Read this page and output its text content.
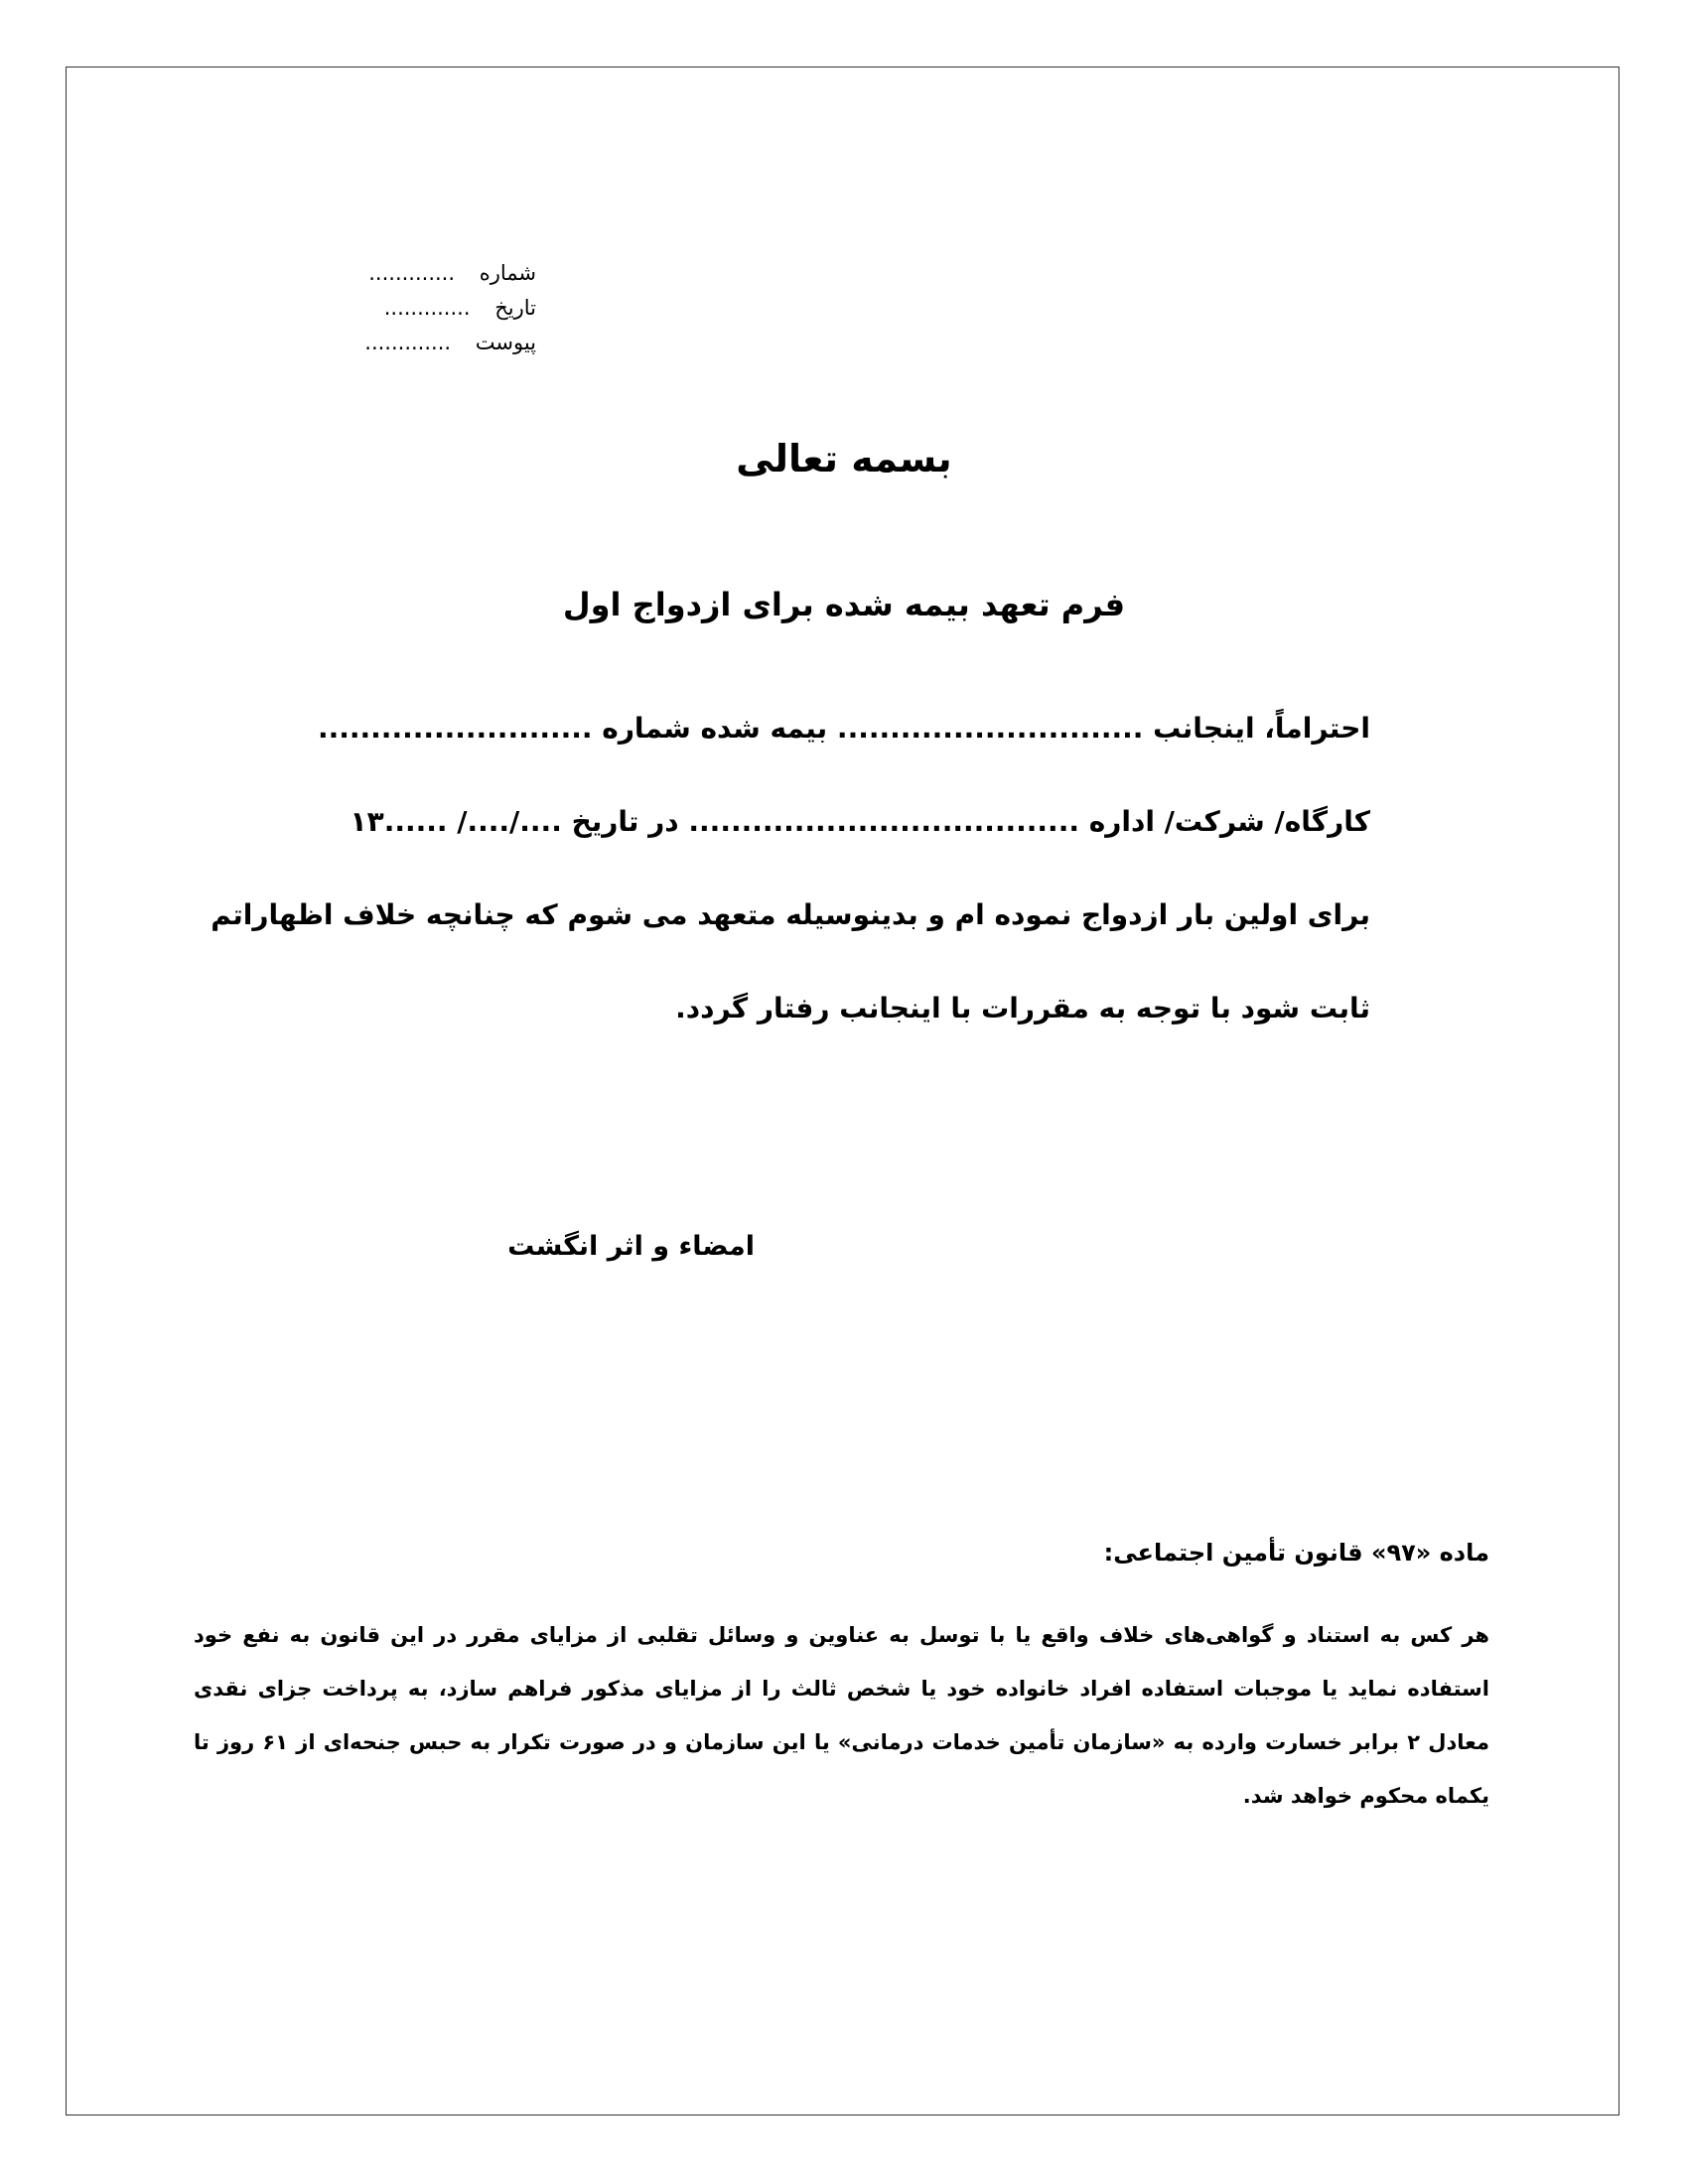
شماره .............
تاريخ .............
پیوست .............
بسمه تعالی
فرم تعهد بیمه شده برای ازدواج اول
احتراماً، اینجانب ............................. بیمه شده شماره ..........................
کارگاه/ شرکت/ اداره ..................................... در تاریخ ..../..../ ......۱۳
برای اولین بار ازدواج نموده ام و بدینوسیله متعهد می شوم که چنانچه خلاف اظهاراتم
ثابت شود با توجه به مقررات با اینجانب رفتار گردد.
امضاء و اثر انگشت
ماده «۹۷» قانون تأمین اجتماعی:
هر کس به استناد و گواهی‌های خلاف واقع یا با توسل به عناوین و وسائل تقلبی از مزایای مقرر در این قانون به نفع خود استفاده نماید یا موجبات استفاده افراد خانواده خود یا شخص ثالث را از مزایای مذکور فراهم سازد، به پرداخت جزای نقدی معادل ۲ برابر خسارت وارده به «سازمان تأمین خدمات درمانی» یا این سازمان و در صورت تکرار به حبس جنحه‌ای از ۶۱ روز تا یکماه محکوم خواهد شد.
